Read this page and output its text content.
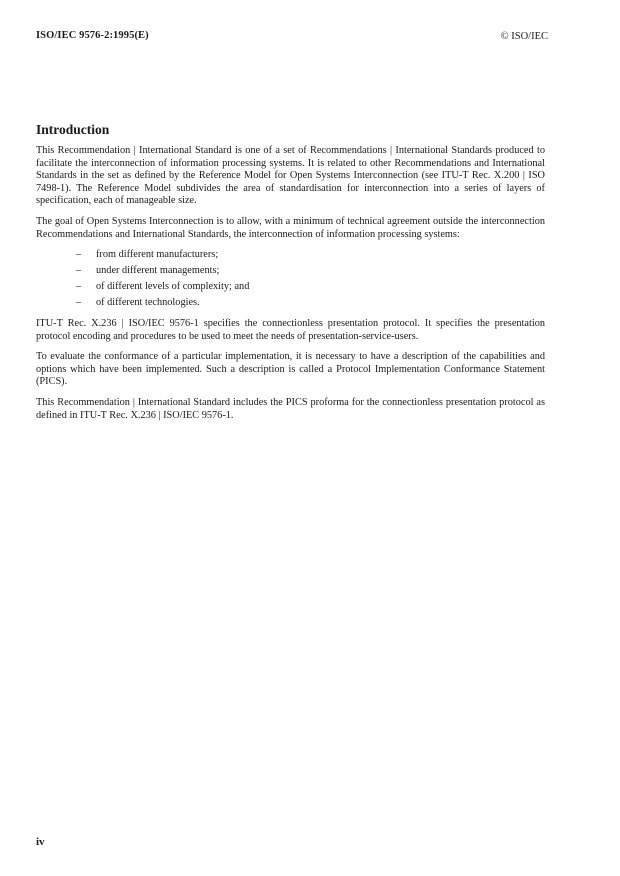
ISO/IEC 9576-2:1995(E)	© ISO/IEC
Introduction

This Recommendation | International Standard is one of a set of Recommendations | International Standards produced to facilitate the interconnection of information processing systems. It is related to other Recommendations and International Standards in the set as defined by the Reference Model for Open Systems Interconnection (see ITU-T Rec. X.200 | ISO 7498-1). The Reference Model subdivides the area of standardisation for interconnection into a series of layers of specification, each of manageable size.

The goal of Open Systems Interconnection is to allow, with a minimum of technical agreement outside the interconnection Recommendations and International Standards, the interconnection of information processing systems:

– from different manufacturers;
– under different managements;
– of different levels of complexity; and
– of different technologies.

ITU-T Rec. X.236 | ISO/IEC 9576-1 specifies the connectionless presentation protocol. It specifies the presentation protocol encoding and procedures to be used to meet the needs of presentation-service-users.

To evaluate the conformance of a particular implementation, it is necessary to have a description of the capabilities and options which have been implemented. Such a description is called a Protocol Implementation Conformance Statement (PICS).

This Recommendation | International Standard includes the PICS proforma for the connectionless presentation protocol as defined in ITU-T Rec. X.236 | ISO/IEC 9576-1.

iv
